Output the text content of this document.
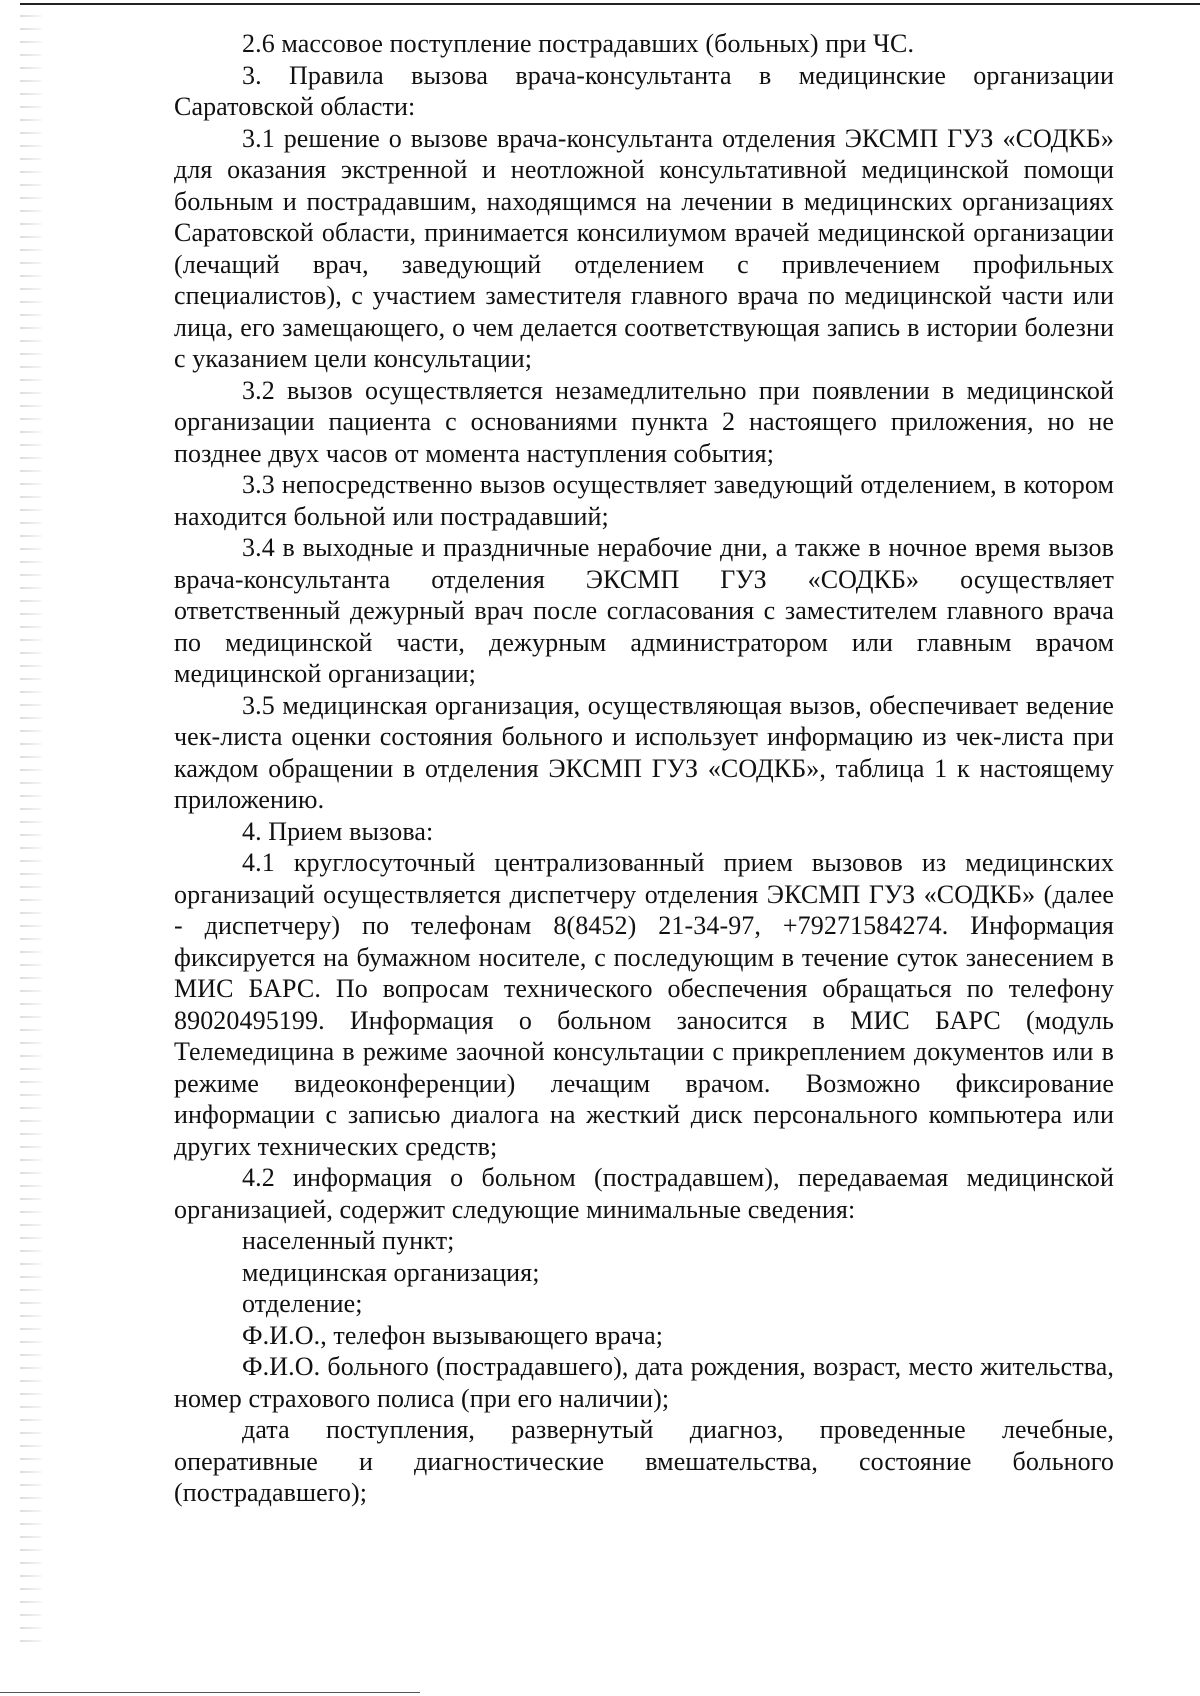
2.6 массовое поступление пострадавших (больных) при ЧС.

3. Правила вызова врача-консультанта в медицинские организации Саратовской области:

3.1 решение о вызове врача-консультанта отделения ЭКСМП ГУЗ «СОДКБ» для оказания экстренной и неотложной консультативной медицинской помощи больным и пострадавшим, находящимся на лечении в медицинских организациях Саратовской области, принимается консилиумом врачей медицинской организации (лечащий врач, заведующий отделением с привлечением профильных специалистов), с участием заместителя главного врача по медицинской части или лица, его замещающего, о чем делается соответствующая запись в истории болезни с указанием цели консультации;

3.2 вызов осуществляется незамедлительно при появлении в медицинской организации пациента с основаниями пункта 2 настоящего приложения, но не позднее двух часов от момента наступления события;

3.3 непосредственно вызов осуществляет заведующий отделением, в котором находится больной или пострадавший;

3.4 в выходные и праздничные нерабочие дни, а также в ночное время вызов врача-консультанта отделения ЭКСМП ГУЗ «СОДКБ» осуществляет ответственный дежурный врач после согласования с заместителем главного врача по медицинской части, дежурным администратором или главным врачом медицинской организации;

3.5 медицинская организация, осуществляющая вызов, обеспечивает ведение чек-листа оценки состояния больного и использует информацию из чек-листа при каждом обращении в отделения ЭКСМП ГУЗ «СОДКБ», таблица 1 к настоящему приложению.

4. Прием вызова:

4.1 круглосуточный централизованный прием вызовов из медицинских организаций осуществляется диспетчеру отделения ЭКСМП ГУЗ «СОДКБ» (далее - диспетчеру) по телефонам 8(8452) 21-34-97, +79271584274. Информация фиксируется на бумажном носителе, с последующим в течение суток занесением в МИС БАРС. По вопросам технического обеспечения обращаться по телефону 89020495199. Информация о больном заносится в МИС БАРС (модуль Телемедицина в режиме заочной консультации с прикреплением документов или в режиме видеоконференции) лечащим врачом. Возможно фиксирование информации с записью диалога на жесткий диск персонального компьютера или других технических средств;

4.2 информация о больном (пострадавшем), передаваемая медицинской организацией, содержит следующие минимальные сведения:

населенный пункт;

медицинская организация;

отделение;

Ф.И.О., телефон вызывающего врача;

Ф.И.О. больного (пострадавшего), дата рождения, возраст, место жительства, номер страхового полиса (при его наличии);

дата поступления, развернутый диагноз, проведенные лечебные, оперативные и диагностические вмешательства, состояние больного (пострадавшего);
